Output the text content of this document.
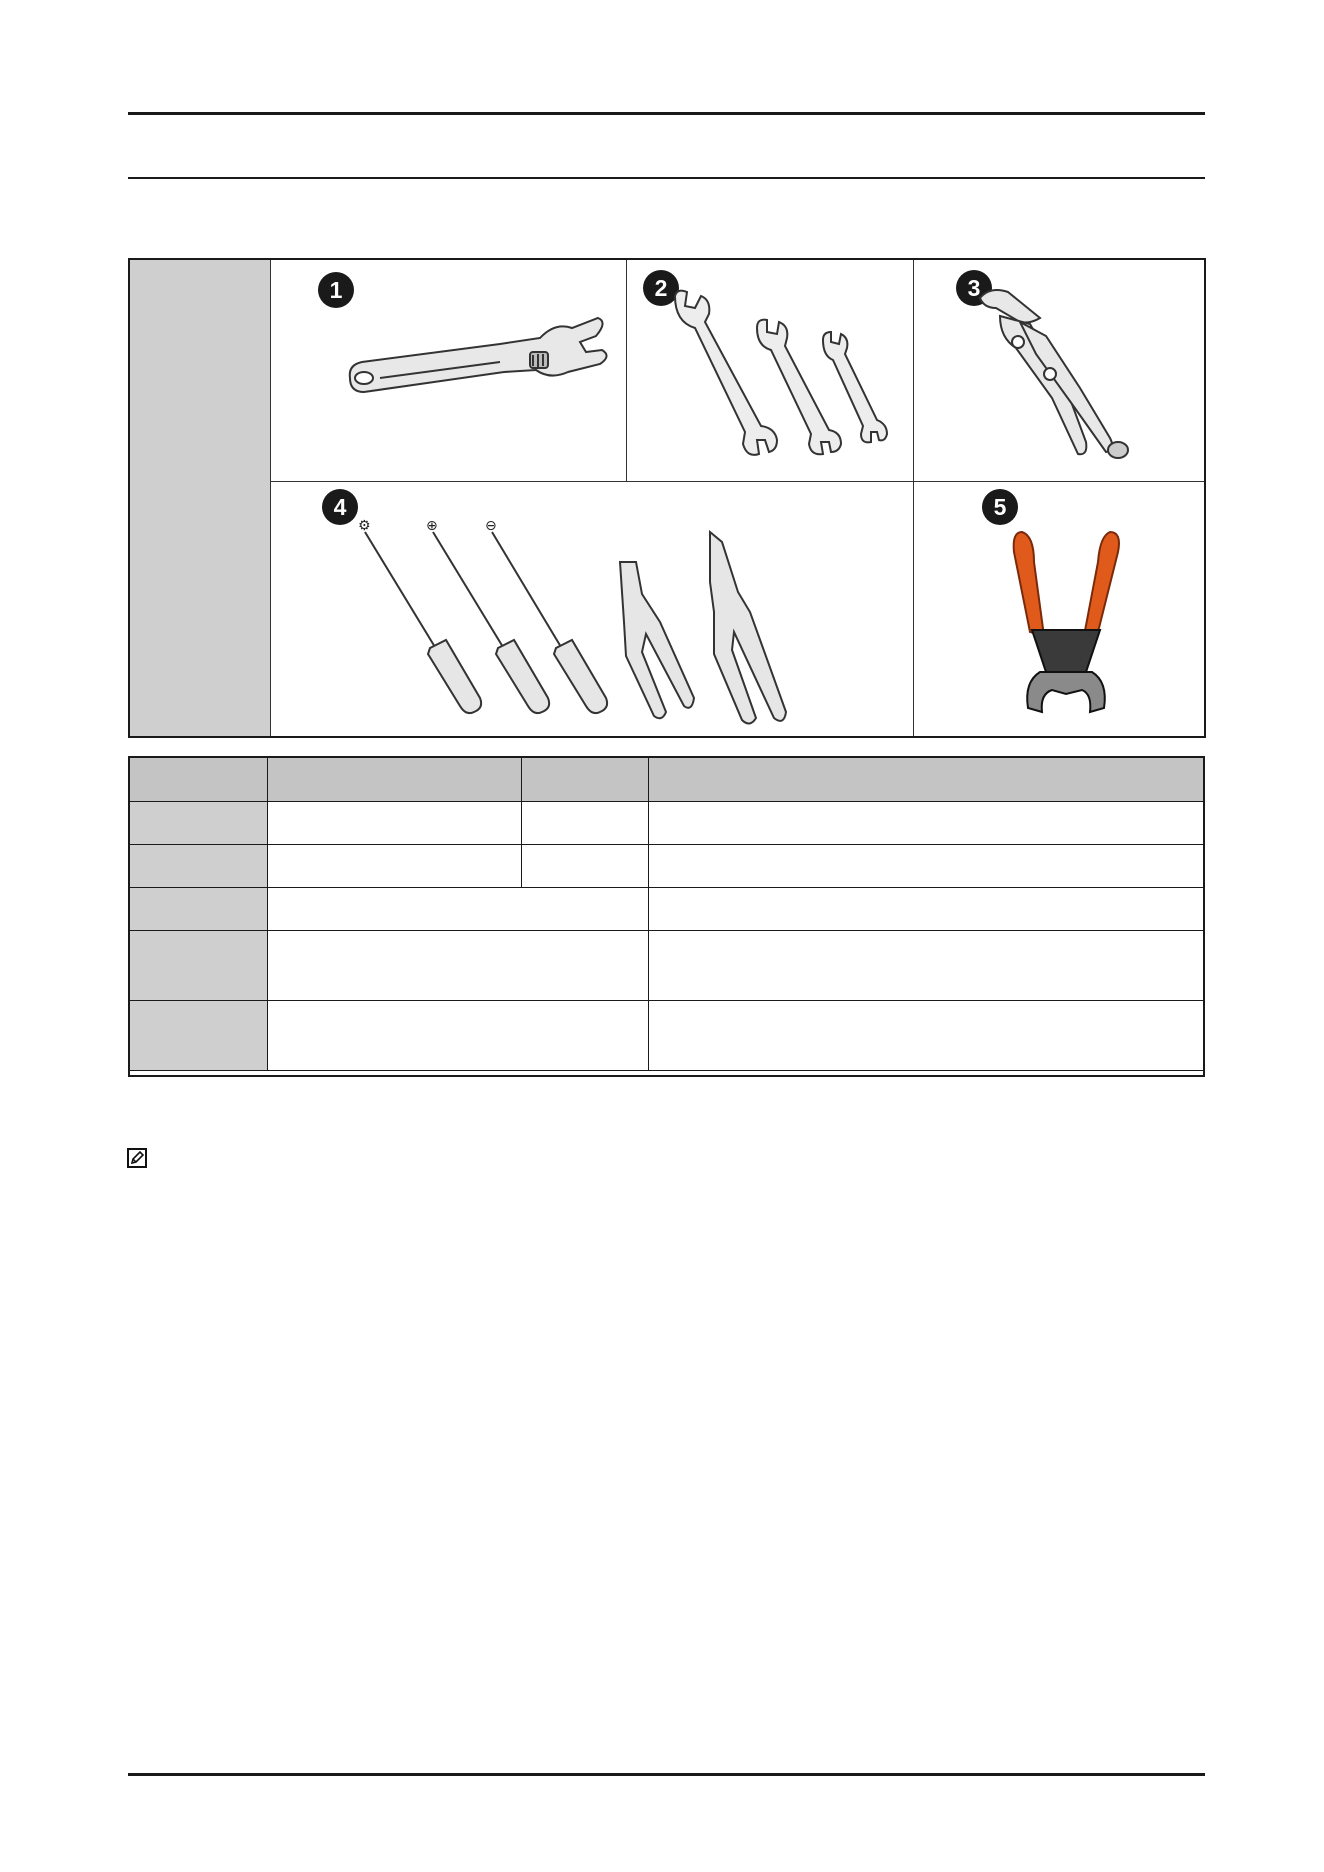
1	2	3
4	5
⚙	⊕	⊖
